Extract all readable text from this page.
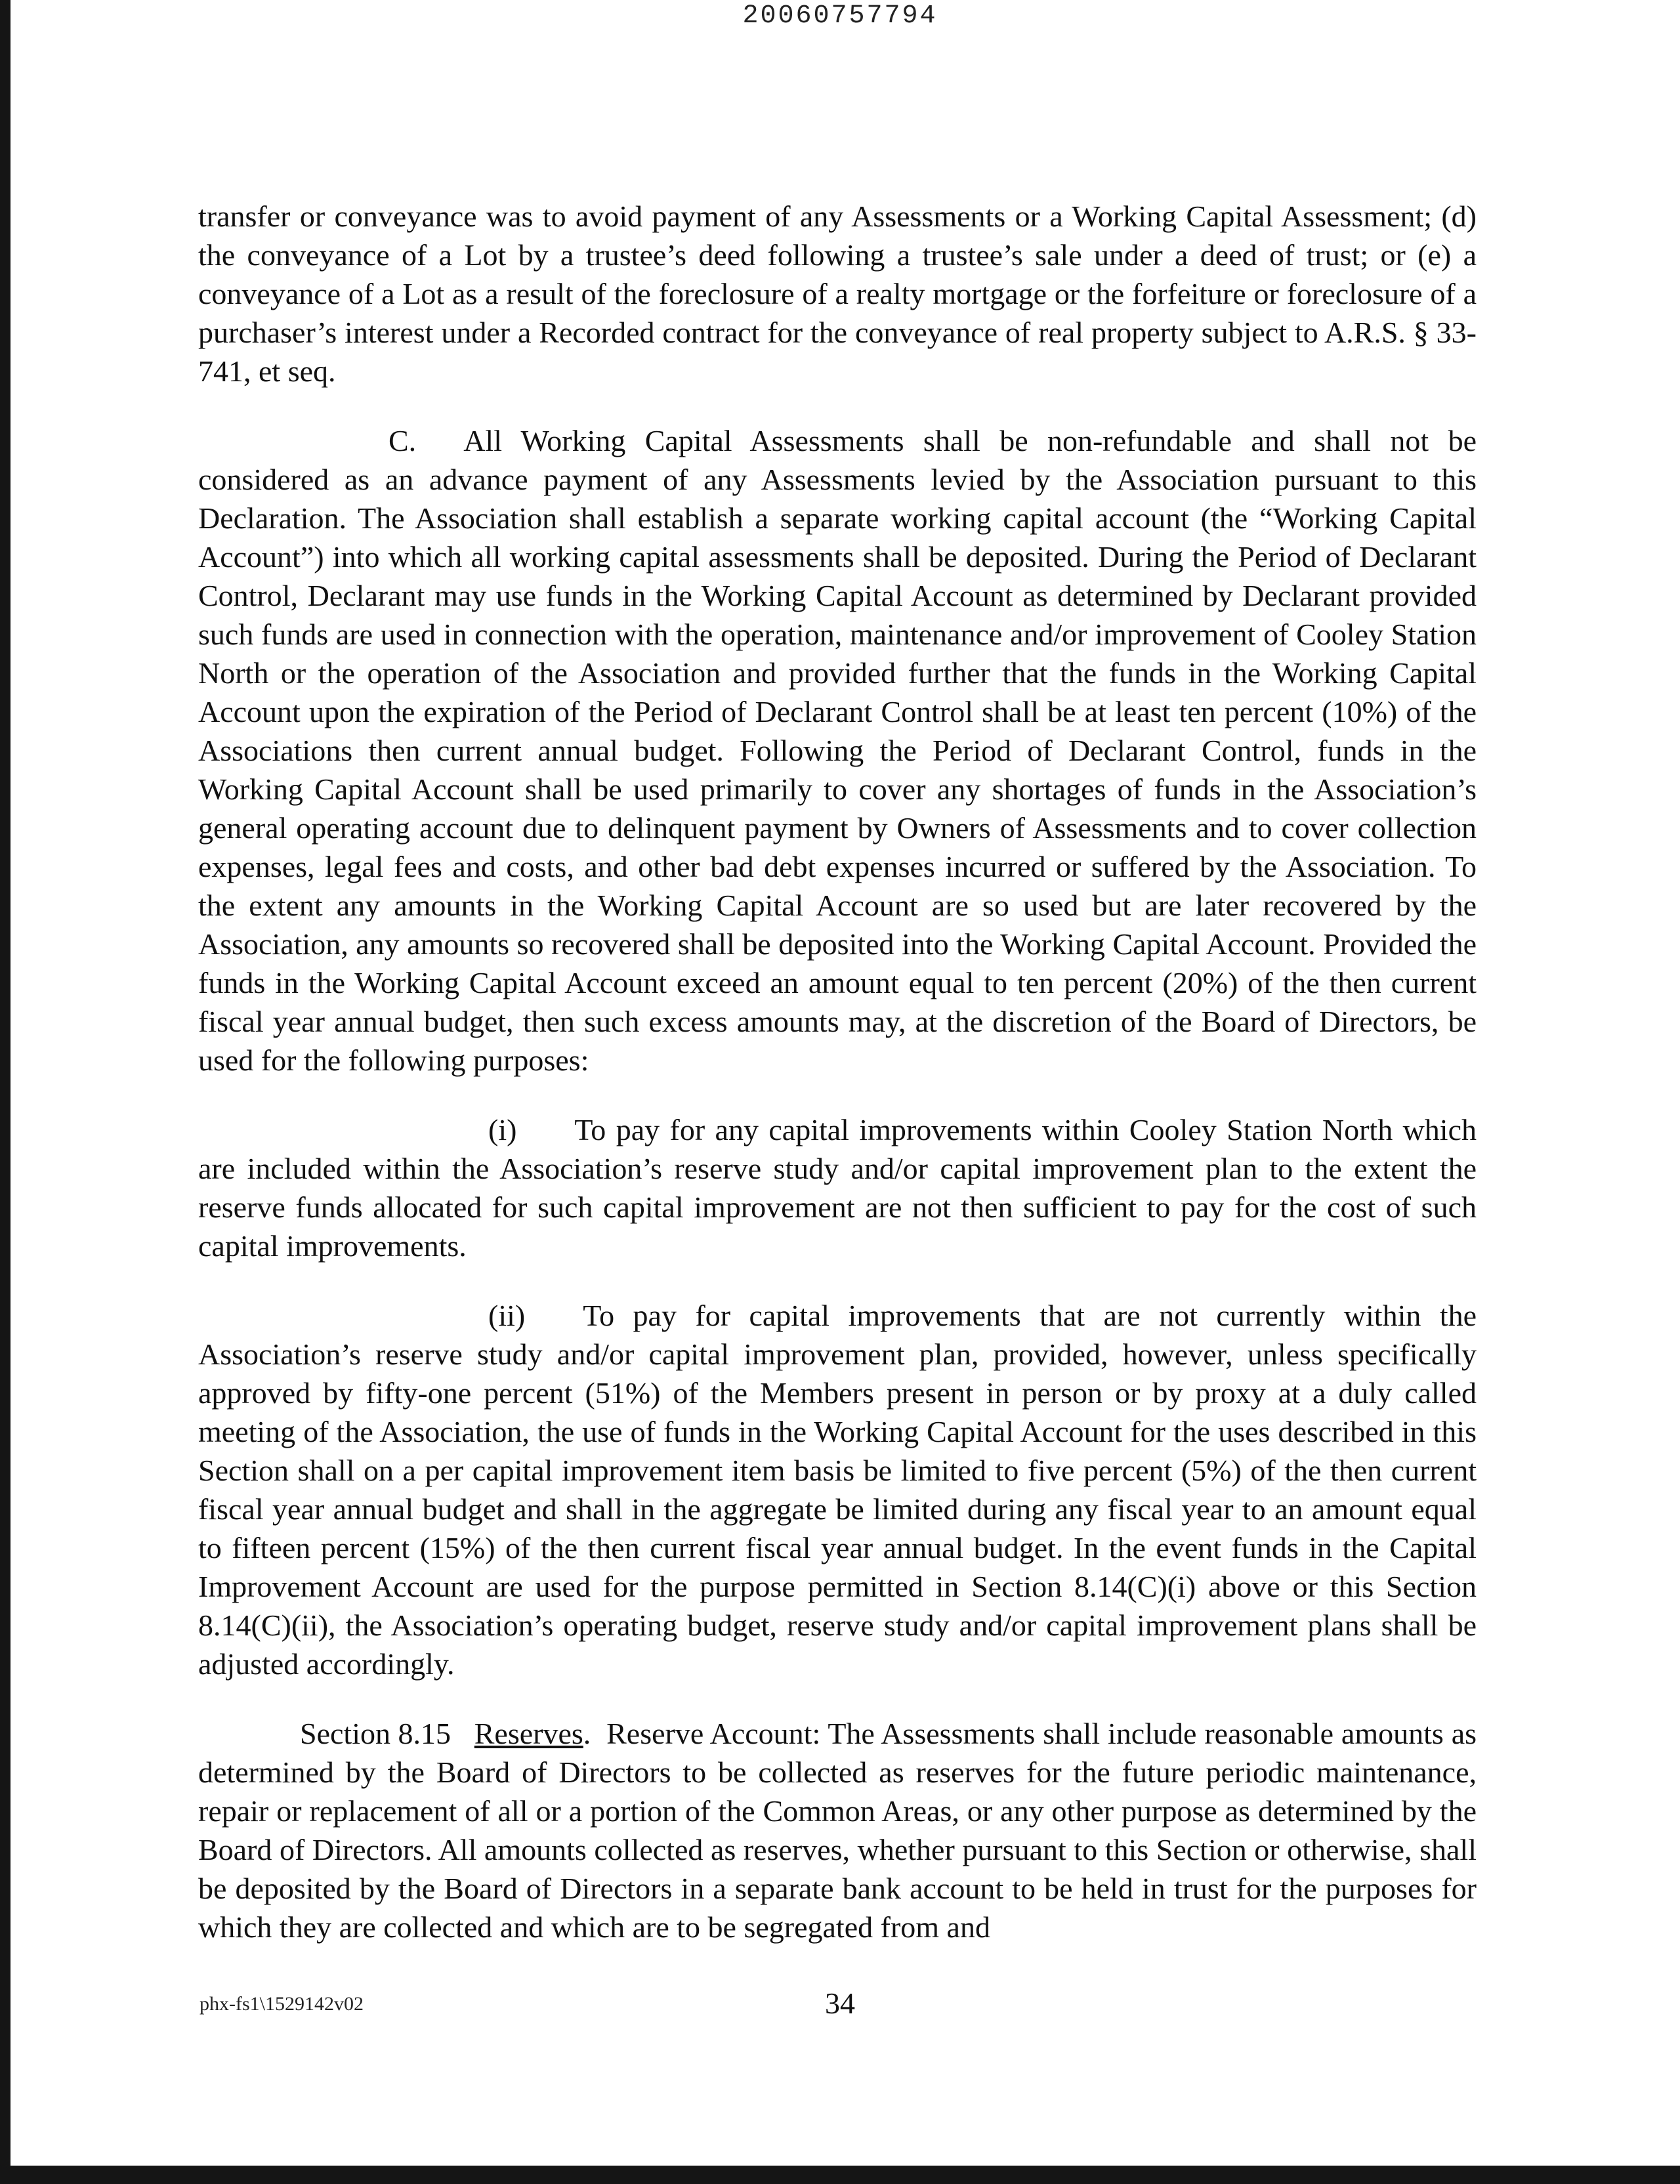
20060757794

transfer or conveyance was to avoid payment of any Assessments or a Working Capital Assessment; (d) the conveyance of a Lot by a trustee’s deed following a trustee’s sale under a deed of trust; or (e) a conveyance of a Lot as a result of the foreclosure of a realty mortgage or the forfeiture or foreclosure of a purchaser’s interest under a Recorded contract for the conveyance of real property subject to A.R.S. § 33-741, et seq.

C. All Working Capital Assessments shall be non-refundable and shall not be considered as an advance payment of any Assessments levied by the Association pursuant to this Declaration. The Association shall establish a separate working capital account (the “Working Capital Account”) into which all working capital assessments shall be deposited. During the Period of Declarant Control, Declarant may use funds in the Working Capital Account as determined by Declarant provided such funds are used in connection with the operation, maintenance and/or improvement of Cooley Station North or the operation of the Association and provided further that the funds in the Working Capital Account upon the expiration of the Period of Declarant Control shall be at least ten percent (10%) of the Associations then current annual budget. Following the Period of Declarant Control, funds in the Working Capital Account shall be used primarily to cover any shortages of funds in the Association’s general operating account due to delinquent payment by Owners of Assessments and to cover collection expenses, legal fees and costs, and other bad debt expenses incurred or suffered by the Association. To the extent any amounts in the Working Capital Account are so used but are later recovered by the Association, any amounts so recovered shall be deposited into the Working Capital Account. Provided the funds in the Working Capital Account exceed an amount equal to ten percent (20%) of the then current fiscal year annual budget, then such excess amounts may, at the discretion of the Board of Directors, be used for the following purposes:

(i) To pay for any capital improvements within Cooley Station North which are included within the Association’s reserve study and/or capital improvement plan to the extent the reserve funds allocated for such capital improvement are not then sufficient to pay for the cost of such capital improvements.

(ii) To pay for capital improvements that are not currently within the Association’s reserve study and/or capital improvement plan, provided, however, unless specifically approved by fifty-one percent (51%) of the Members present in person or by proxy at a duly called meeting of the Association, the use of funds in the Working Capital Account for the uses described in this Section shall on a per capital improvement item basis be limited to five percent (5%) of the then current fiscal year annual budget and shall in the aggregate be limited during any fiscal year to an amount equal to fifteen percent (15%) of the then current fiscal year annual budget. In the event funds in the Capital Improvement Account are used for the purpose permitted in Section 8.14(C)(i) above or this Section 8.14(C)(ii), the Association’s operating budget, reserve study and/or capital improvement plans shall be adjusted accordingly.

Section 8.15 Reserves.  Reserve Account: The Assessments shall include reasonable amounts as determined by the Board of Directors to be collected as reserves for the future periodic maintenance, repair or replacement of all or a portion of the Common Areas, or any other purpose as determined by the Board of Directors. All amounts collected as reserves, whether pursuant to this Section or otherwise, shall be deposited by the Board of Directors in a separate bank account to be held in trust for the purposes for which they are collected and which are to be segregated from and

phx-fs1\1529142v02	34
